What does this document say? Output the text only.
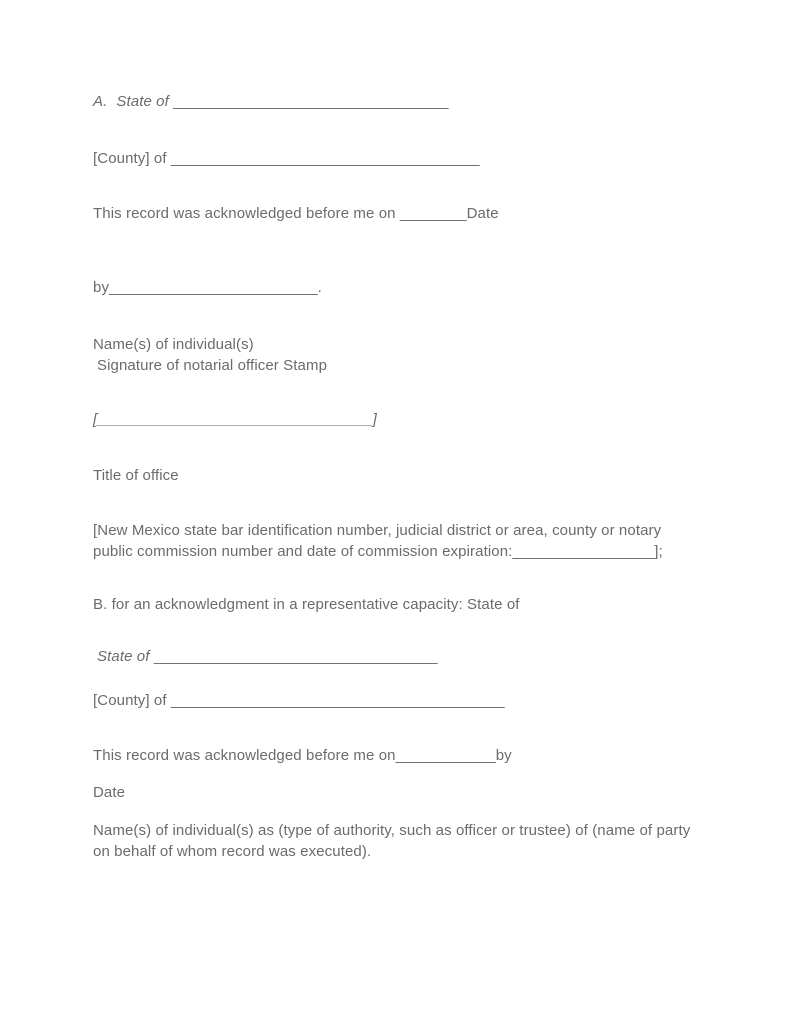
A. State of _________________________________

[County] of _____________________________________

This record was acknowledged before me on ________Date

by_________________________.

Name(s) of individual(s)
Signature of notarial officer Stamp

[_________________________________]

Title of office

[New Mexico state bar identification number, judicial district or area, county or notary
public commission number and date of commission expiration:_________________];

B. for an acknowledgment in a representative capacity: State of

State of __________________________________

[County] of ________________________________________

This record was acknowledged before me on____________by

Date

Name(s) of individual(s) as (type of authority, such as officer or trustee) of (name of party
on behalf of whom record was executed).
